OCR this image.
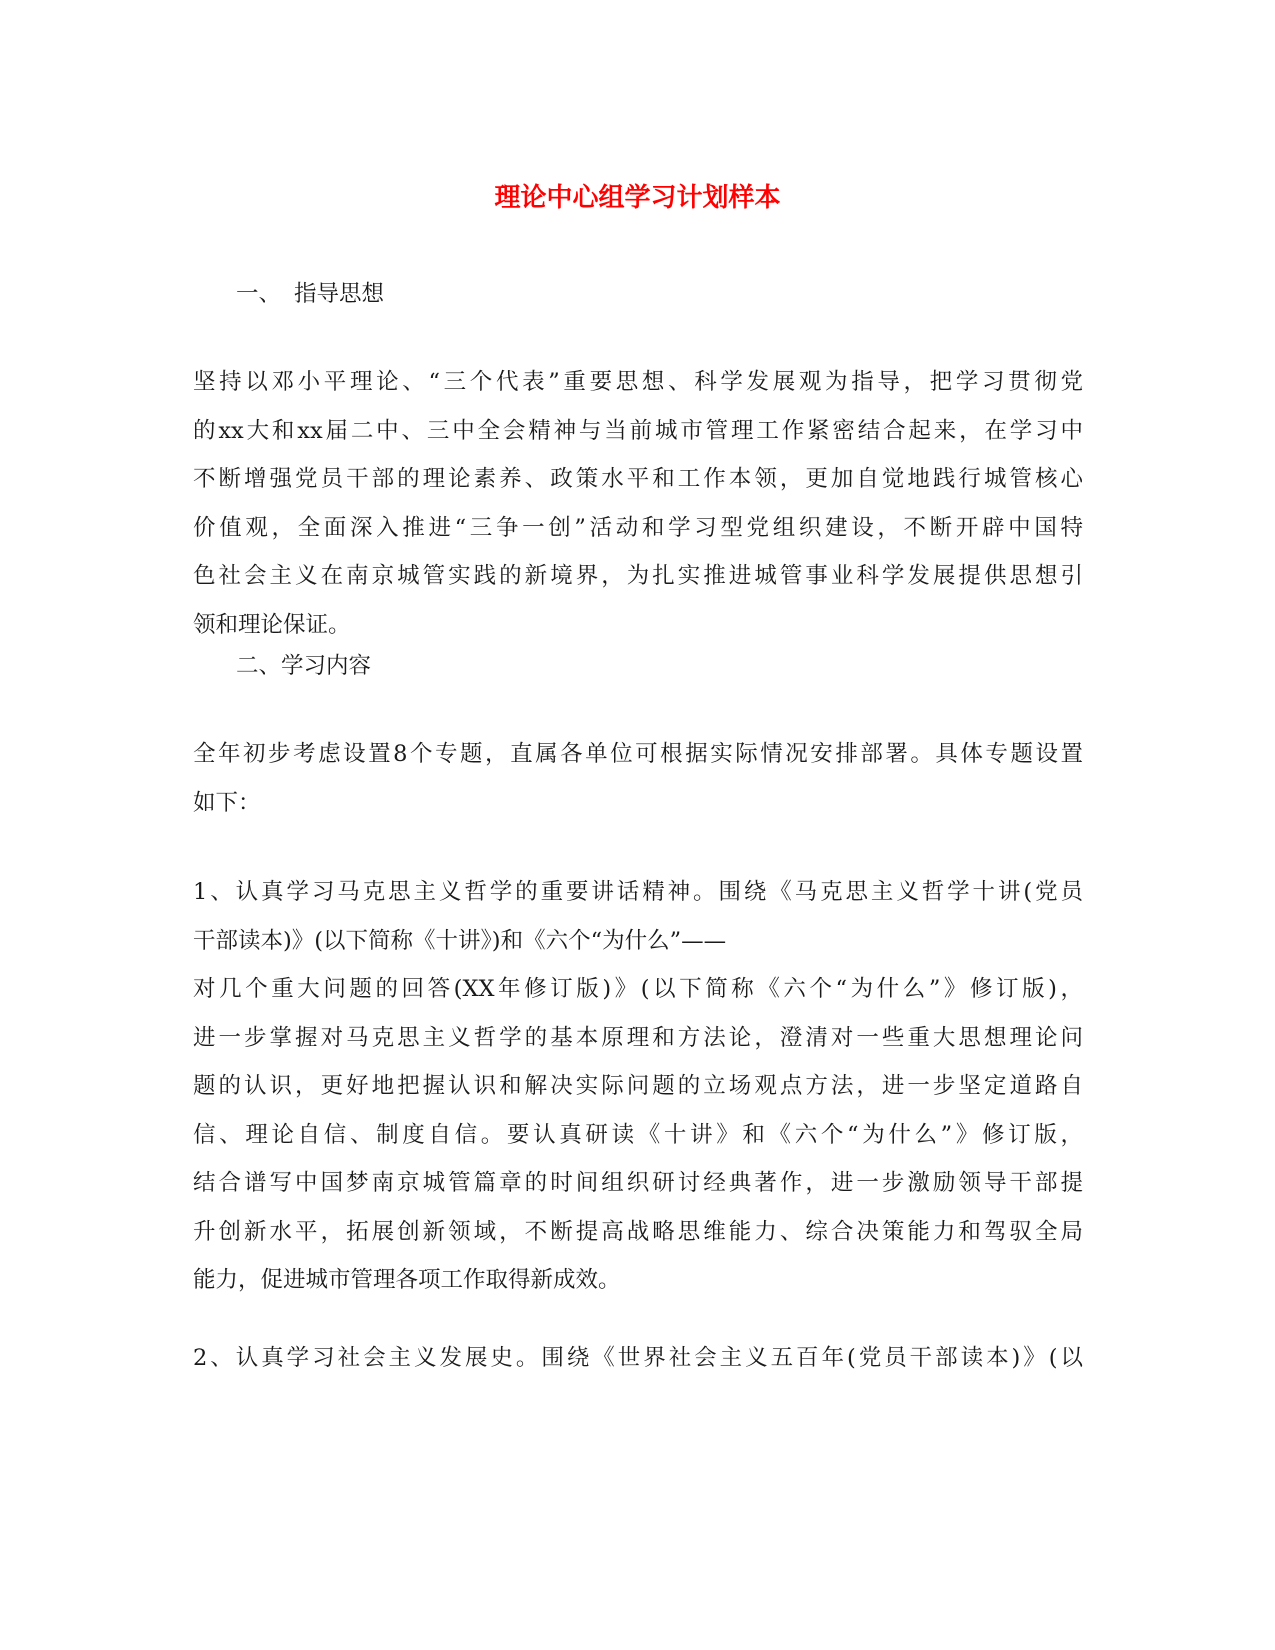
理论中心组学习计划样本
一、 指导思想
坚持以邓小平理论、“三个代表”重要思想、科学发展观为指导，把学习贯彻党
的xx大和xx届二中、三中全会精神与当前城市管理工作紧密结合起来，在学习中
不断增强党员干部的理论素养、政策水平和工作本领，更加自觉地践行城管核心
价值观，全面深入推进“三争一创”活动和学习型党组织建设，不断开辟中国特
色社会主义在南京城管实践的新境界，为扎实推进城管事业科学发展提供思想引
领和理论保证。
二、学习内容
全年初步考虑设置8个专题，直属各单位可根据实际情况安排部署。具体专题设置
如下：
1、认真学习马克思主义哲学的重要讲话精神。围绕《马克思主义哲学十讲(党员
干部读本)》(以下简称《十讲》)和《六个“为什么”——
对几个重大问题的回答(XX年修订版)》(以下简称《六个“为什么”》修订版)，
进一步掌握对马克思主义哲学的基本原理和方法论，澄清对一些重大思想理论问
题的认识，更好地把握认识和解决实际问题的立场观点方法，进一步坚定道路自
信、理论自信、制度自信。要认真研读《十讲》和《六个“为什么”》修订版，
结合谱写中国梦南京城管篇章的时间组织研讨经典著作，进一步激励领导干部提
升创新水平，拓展创新领域，不断提高战略思维能力、综合决策能力和驾驭全局
能力，促进城市管理各项工作取得新成效。
2、认真学习社会主义发展史。围绕《世界社会主义五百年(党员干部读本)》(以
